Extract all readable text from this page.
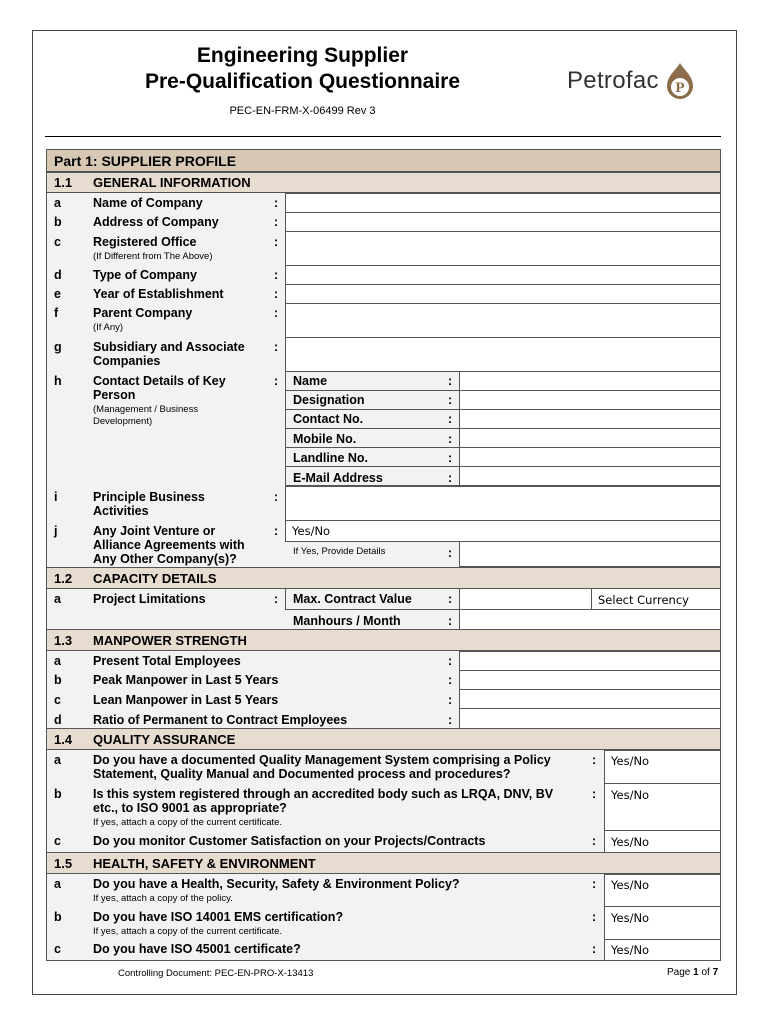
Engineering Supplier
Pre-Qualification Questionnaire
PEC-EN-FRM-X-06499 Rev 3
Petrofac P
Part 1: SUPPLIER PROFILE
1.1	GENERAL INFORMATION
a	Name of Company	:
b	Address of Company	:
c	Registered Office
(If Different from The Above)
:
d	Type of Company	:
e	Year of Establishment	:
f	Parent Company
(If Any)
:
g	Subsidiary and Associate
Companies
:
h	Contact Details of Key
Person
(Management / Business
Development)
: Name	:
Designation	:
Contact No.	:
Mobile No.	:
Landline No.	:
E-Mail Address	:
i	Principle Business
Activities
:
j	Any Joint Venture or
Alliance Agreements with
Any Other Company(s)?
: Yes/No
If Yes, Provide Details	:
1.2	CAPACITY DETAILS
a	Project Limitations	: Max. Contract Value	:	Select Currency
Manhours / Month	:
1.3	MANPOWER STRENGTH
a	Present Total Employees	:
b	Peak Manpower in Last 5 Years	:
c	Lean Manpower in Last 5 Years	:
d	Ratio of Permanent to Contract Employees	:
1.4	QUALITY ASSURANCE
a	Do you have a documented Quality Management System comprising a Policy
Statement, Quality Manual and Documented process and procedures?
: Yes/No
b	Is this system registered through an accredited body such as LRQA, DNV, BV
etc., to ISO 9001 as appropriate?
If yes, attach a copy of the current certificate.
: Yes/No
c	Do you monitor Customer Satisfaction on your Projects/Contracts	: Yes/No
1.5	HEALTH, SAFETY & ENVIRONMENT
a	Do you have a Health, Security, Safety & Environment Policy?
If yes, attach a copy of the policy.
: Yes/No
b	Do you have ISO 14001 EMS certification?
If yes, attach a copy of the current certificate.
: Yes/No
c	Do you have ISO 45001 certificate?	: Yes/No
Controlling Document: PEC-EN-PRO-X-13413	Page 1 of 7
